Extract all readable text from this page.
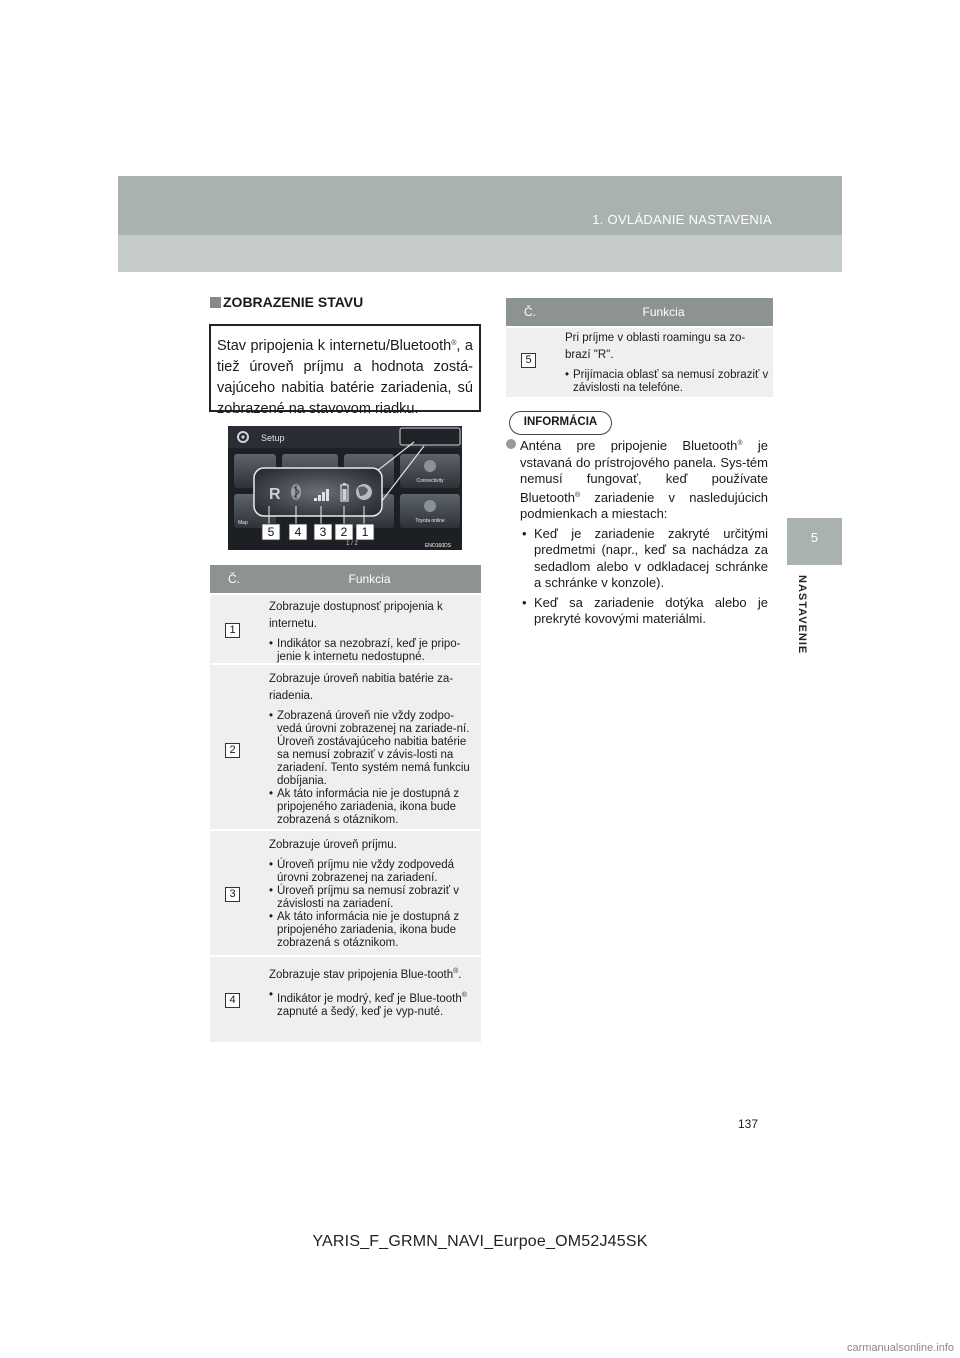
1. OVLÁDANIE NASTAVENIA
5
NASTAVENIE
ZOBRAZENIE STAVU
Stav pripojenia k internetu/Bluetooth®, a tiež úroveň príjmu a hodnota zostá-vajúceho nabitia batérie zariadenia, sú zobrazené na stavovom riadku.
Setup
Connectivity
Toyota online
Map
R
5 4 3 2 1
1 / 2	ENO160DS
Č.	Funkcia
1
Zobrazuje dostupnosť pripojenia k internetu.
• Indikátor sa nezobrazí, keď je pripo-jenie k internetu nedostupné.
2
Zobrazuje úroveň nabitia batérie za-riadenia.
• Zobrazená úroveň nie vždy zodpo-vedá úrovni zobrazenej na zariade-ní. Úroveň zostávajúceho nabitia batérie sa nemusí zobraziť v závis-losti na zariadení. Tento systém nemá funkciu dobíjania.
• Ak táto informácia nie je dostupná z pripojeného zariadenia, ikona bude zobrazená s otáznikom.
3
Zobrazuje úroveň príjmu.
• Úroveň príjmu nie vždy zodpovedá úrovni zobrazenej na zariadení.
• Úroveň príjmu sa nemusí zobraziť v závislosti na zariadení.
• Ak táto informácia nie je dostupná z pripojeného zariadenia, ikona bude zobrazená s otáznikom.
4
Zobrazuje stav pripojenia Blue-tooth®.
• Indikátor je modrý, keď je Blue-tooth® zapnuté a šedý, keď je vyp-nuté.
Č.	Funkcia
5
Pri príjme v oblasti roamingu sa zo-brazí "R".
• Prijímacia oblasť sa nemusí zobraziť v závislosti na telefóne.
INFORMÁCIA
Anténa pre pripojenie Bluetooth® je vstavaná do prístrojového panela. Sys-tém nemusí fungovať, keď používate Bluetooth® zariadenie v nasledujúcich podmienkach a miestach:
• Keď je zariadenie zakryté určitými predmetmi (napr., keď sa nachádza za sedadlom alebo v odkladacej schránke a schránke v konzole).
• Keď sa zariadenie dotýka alebo je prekryté kovovými materiálmi.
137
YARIS_F_GRMN_NAVI_Eurpoe_OM52J45SK
carmanualsonline.info
